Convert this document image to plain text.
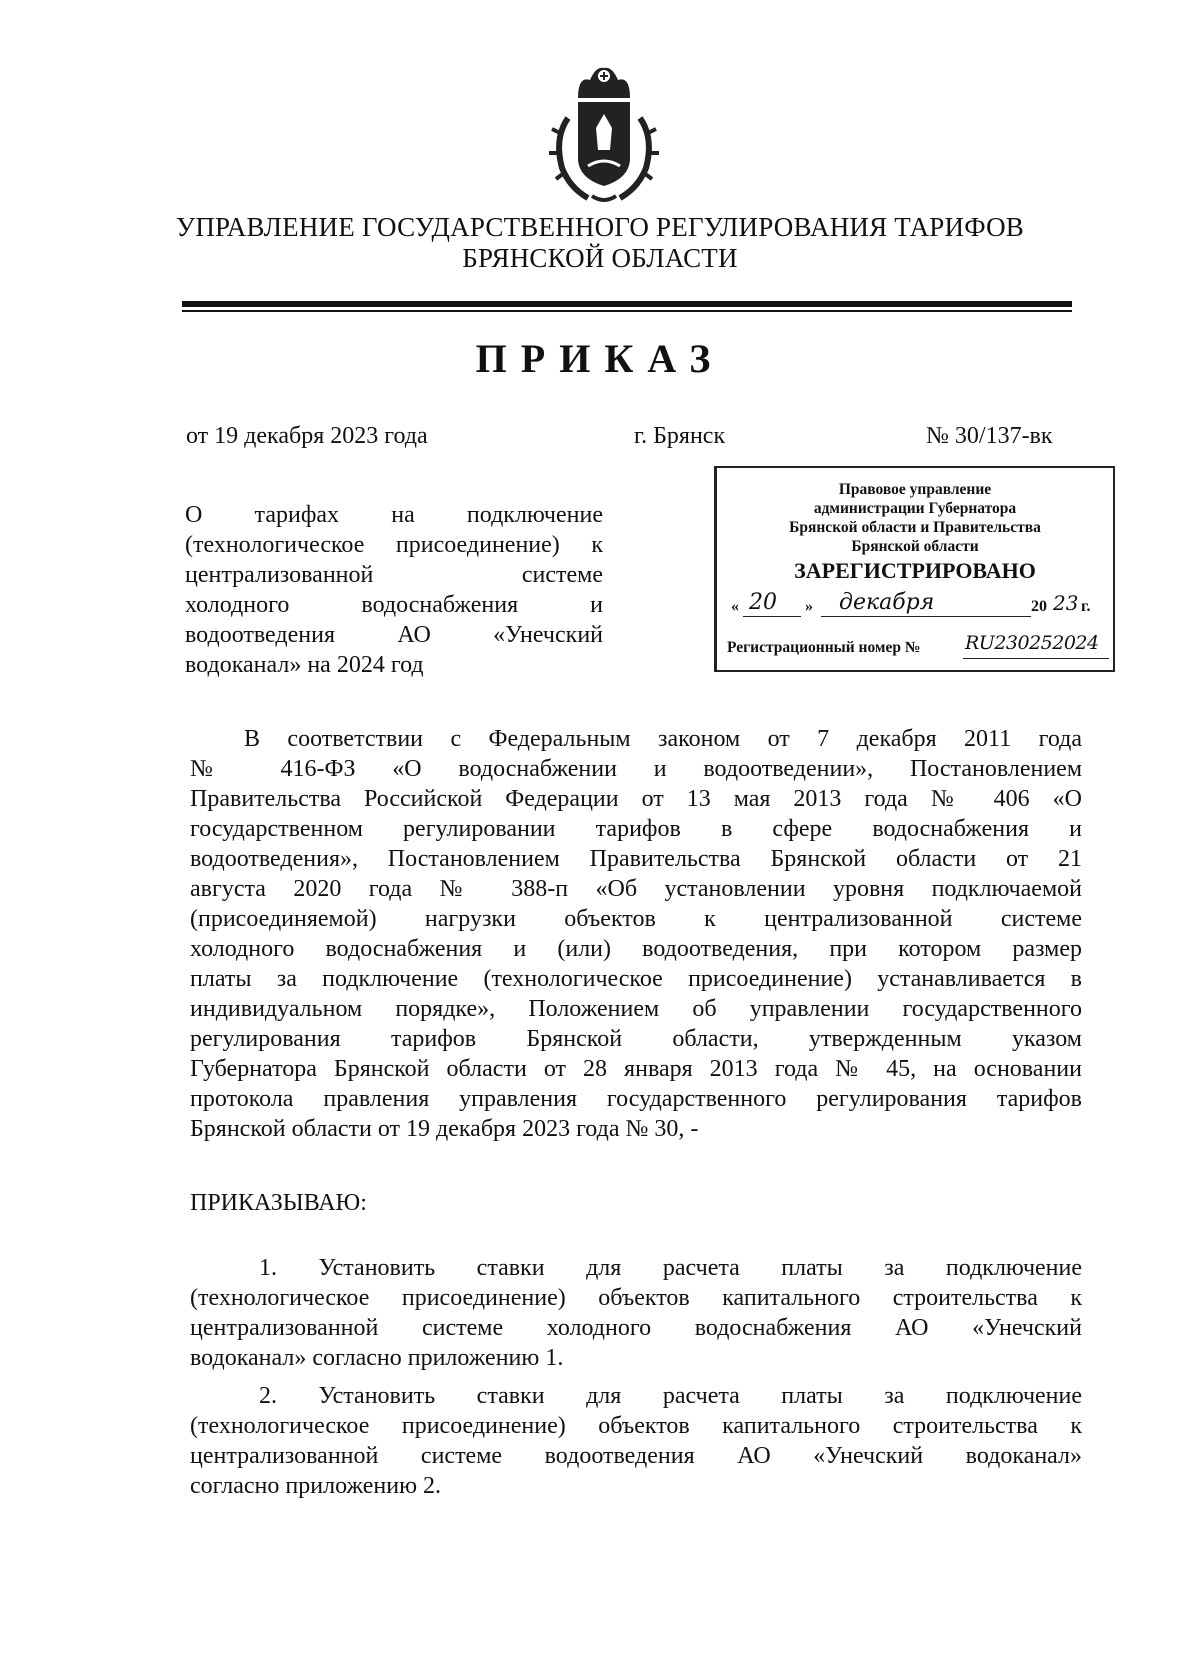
УПРАВЛЕНИЕ ГОСУДАРСТВЕННОГО РЕГУЛИРОВАНИЯ ТАРИФОВ
БРЯНСКОЙ ОБЛАСТИ
ПРИКАЗ
от 19 декабря 2023 года	г. Брянск	№ 30/137-вк
О тарифах на подключение
(технологическое присоединение) к
централизованной системе
холодного водоснабжения и
водоотведения АО «Унечский
водоканал» на 2024 год
Правовое управление
администрации Губернатора
Брянской области и Правительства
Брянской области
ЗАРЕГИСТРИРОВАНО
« 20 » декабря	20 23 г.
Регистрационный номер № RU230252024
В соответствии с Федеральным законом от 7 декабря 2011 года
№ 416-ФЗ «О водоснабжении и водоотведении», Постановлением
Правительства Российской Федерации от 13 мая 2013 года № 406 «О
государственном регулировании тарифов в сфере водоснабжения и
водоотведения», Постановлением Правительства Брянской области от 21
августа 2020 года № 388-п «Об установлении уровня подключаемой
(присоединяемой) нагрузки объектов к централизованной системе
холодного водоснабжения и (или) водоотведения, при котором размер
платы за подключение (технологическое присоединение) устанавливается в
индивидуальном порядке», Положением об управлении государственного
регулирования тарифов Брянской области, утвержденным указом
Губернатора Брянской области от 28 января 2013 года № 45, на основании
протокола правления управления государственного регулирования тарифов
Брянской области от 19 декабря 2023 года № 30, -
ПРИКАЗЫВАЮ:
1. Установить ставки для расчета платы за подключение
(технологическое присоединение) объектов капитального строительства к
централизованной системе холодного водоснабжения АО «Унечский
водоканал» согласно приложению 1.
2. Установить ставки для расчета платы за подключение
(технологическое присоединение) объектов капитального строительства к
централизованной системе водоотведения АО «Унечский водоканал»
согласно приложению 2.
